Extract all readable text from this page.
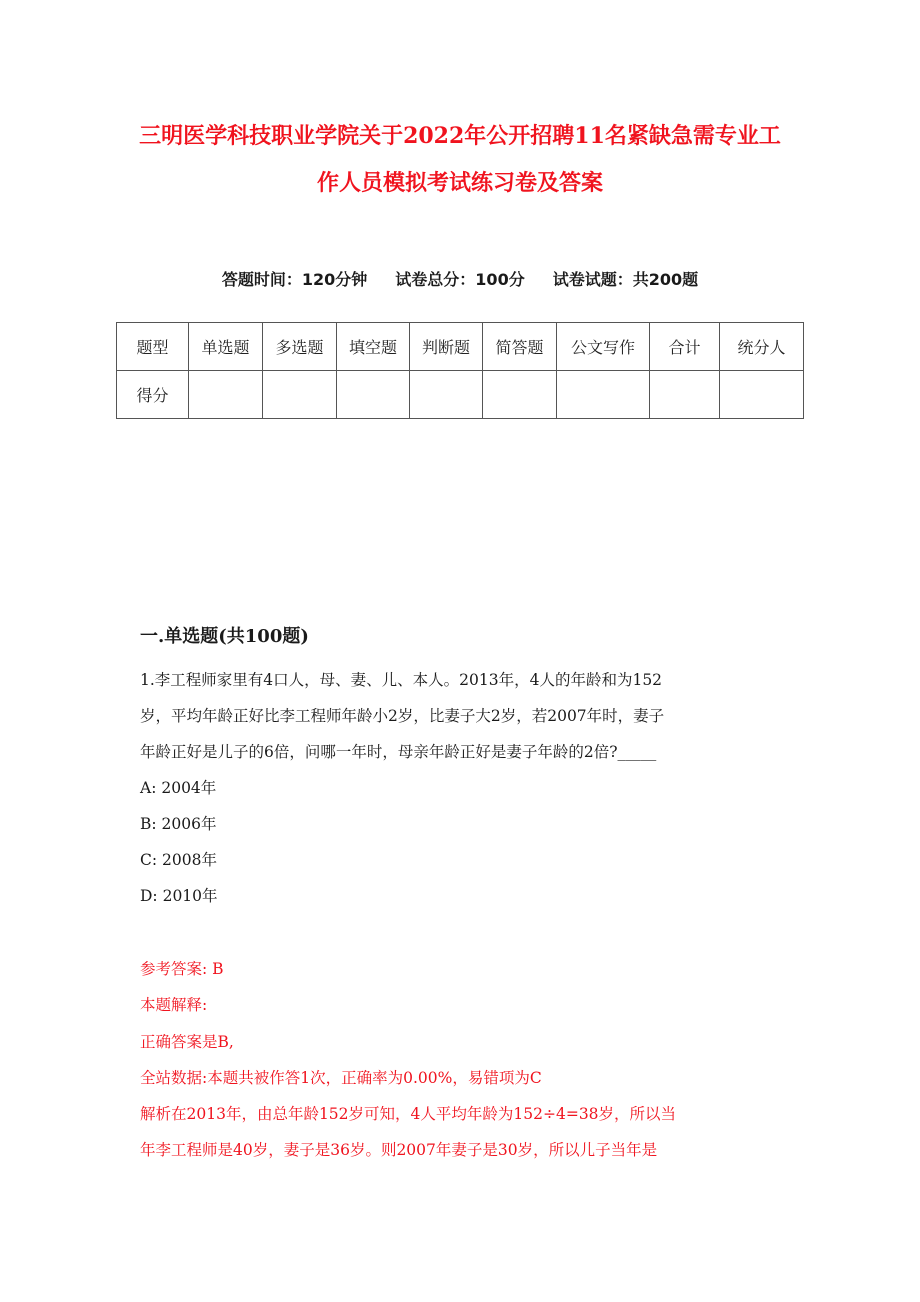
三明医学科技职业学院关于2022年公开招聘11名紧缺急需专业工
作人员模拟考试练习卷及答案
答题时间：120分钟 试卷总分：100分 试卷试题：共200题
题型	单选题	多选题	填空题	判断题	简答题	公文写作	合计	统分人
得分								
一.单选题(共100题)
1.李工程师家里有4口人，母、妻、儿、本人。2013年，4人的年龄和为152
岁，平均年龄正好比李工程师年龄小2岁，比妻子大2岁，若2007年时，妻子
年龄正好是儿子的6倍，问哪一年时，母亲年龄正好是妻子年龄的2倍?_____
A: 2004年
B: 2006年
C: 2008年
D: 2010年
参考答案: B
本题解释:
正确答案是B,
全站数据:本题共被作答1次，正确率为0.00%，易错项为C
解析在2013年，由总年龄152岁可知，4人平均年龄为152÷4=38岁，所以当
年李工程师是40岁，妻子是36岁。则2007年妻子是30岁，所以儿子当年是
